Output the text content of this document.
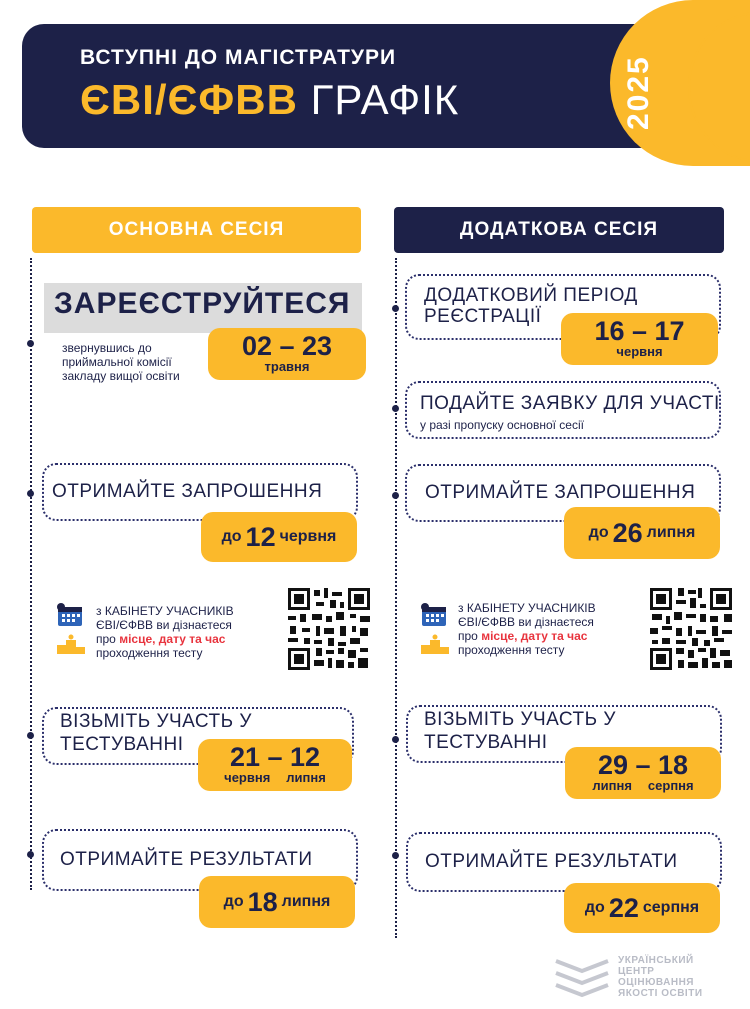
ВСТУПНІ ДО МАГІСТРАТУРИ
ЄВІ/ЄФВВ ГРАФІК	2025
ОСНОВНА СЕСІЯ	ДОДАТКОВА СЕСІЯ
ЗАРЕЄСТРУЙТЕСЯ
звернувшись до приймальної комісії закладу вищої освіти
02 – 23
травня
ОТРИМАЙТЕ ЗАПРОШЕННЯ
до 12 червня
з КАБІНЕТУ УЧАСНИКІВ
ЄВІ/ЄФВВ ви дізнаєтеся
про місце, дату та час
проходження тесту
ВІЗЬМІТЬ УЧАСТЬ У
ТЕСТУВАННІ	21 – 12
червня липня
ОТРИМАЙТЕ РЕЗУЛЬТАТИ
до 18 липня
ДОДАТКОВИЙ ПЕРІОД
РЕЄСТРАЦІЇ	16 – 17
червня
ПОДАЙТЕ ЗАЯВКУ ДЛЯ УЧАСТІ
у разі пропуску основної сесії
ОТРИМАЙТЕ ЗАПРОШЕННЯ
до 26 липня
з КАБІНЕТУ УЧАСНИКІВ
ЄВІ/ЄФВВ ви дізнаєтеся
про місце, дату та час
проходження тесту
ВІЗЬМІТЬ УЧАСТЬ У
ТЕСТУВАННІ
29 – 18
липня серпня
ОТРИМАЙТЕ РЕЗУЛЬТАТИ
до 22 серпня
УКРАЇНСЬКИЙ
ЦЕНТР
ОЦІНЮВАННЯ
ЯКОСТІ ОСВІТИ
